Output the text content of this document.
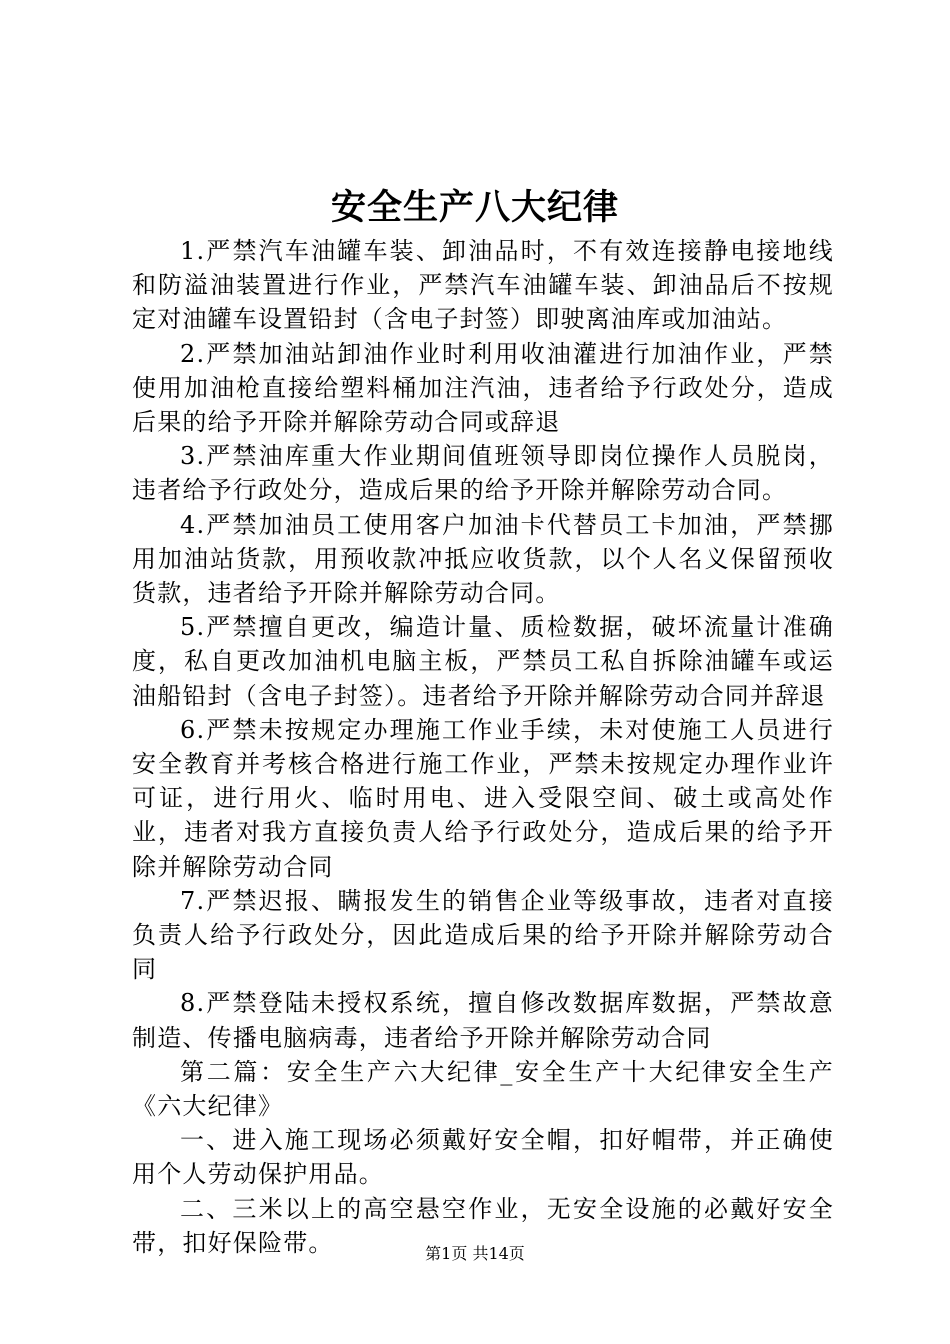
安全生产八大纪律

1.严禁汽车油罐车装、卸油品时，不有效连接静电接地线和防溢油装置进行作业，严禁汽车油罐车装、卸油品后不按规定对油罐车设置铅封（含电子封签）即驶离油库或加油站。

2.严禁加油站卸油作业时利用收油灌进行加油作业，严禁使用加油枪直接给塑料桶加注汽油，违者给予行政处分，造成后果的给予开除并解除劳动合同或辞退

3.严禁油库重大作业期间值班领导即岗位操作人员脱岗，违者给予行政处分，造成后果的给予开除并解除劳动合同。

4.严禁加油员工使用客户加油卡代替员工卡加油，严禁挪用加油站货款，用预收款冲抵应收货款，以个人名义保留预收货款，违者给予开除并解除劳动合同。

5.严禁擅自更改，编造计量、质检数据，破坏流量计准确度，私自更改加油机电脑主板，严禁员工私自拆除油罐车或运油船铅封（含电子封签）。违者给予开除并解除劳动合同并辞退

6.严禁未按规定办理施工作业手续，未对使施工人员进行安全教育并考核合格进行施工作业，严禁未按规定办理作业许可证，进行用火、临时用电、进入受限空间、破土或高处作业，违者对我方直接负责人给予行政处分，造成后果的给予开除并解除劳动合同

7.严禁迟报、瞒报发生的销售企业等级事故，违者对直接负责人给予行政处分，因此造成后果的给予开除并解除劳动合同

8.严禁登陆未授权系统，擅自修改数据库数据，严禁故意制造、传播电脑病毒，违者给予开除并解除劳动合同

第二篇：安全生产六大纪律_安全生产十大纪律安全生产《六大纪律》

一、进入施工现场必须戴好安全帽，扣好帽带，并正确使用个人劳动保护用品。

二、三米以上的高空悬空作业，无安全设施的必戴好安全带，扣好保险带。	第1页 共14页
